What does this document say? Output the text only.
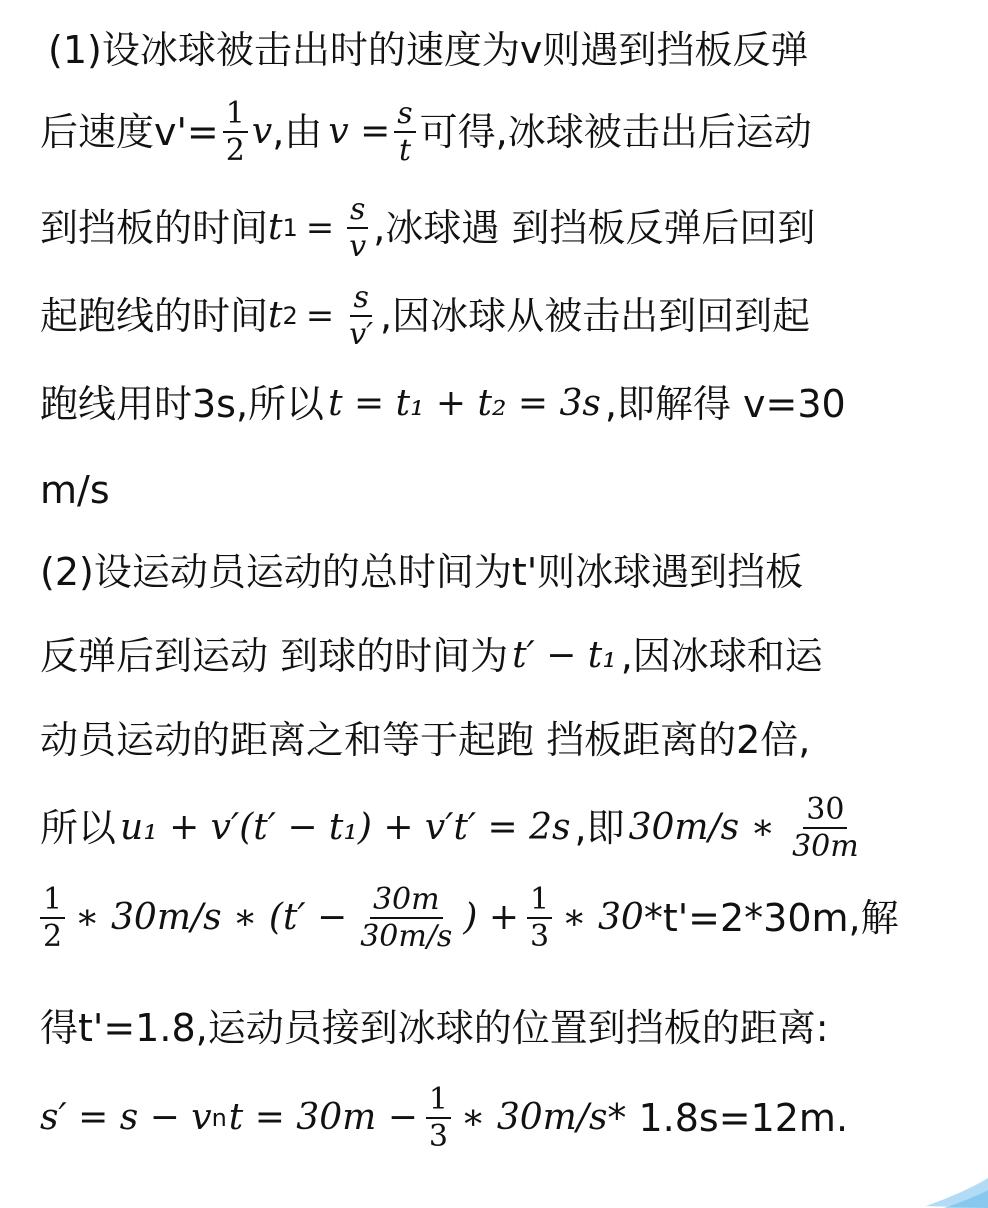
(1)设冰球被击出时的速度为v则遇到挡板反弹
后速度$v'= \frac{1}{2}$ v ,由 $v = \frac{s}{t}$ 可得,冰球被击出后运动
到挡板的时间 t $1 = \frac{s}{v}$ ,冰球遇 到挡板反弹后回到
起跑线的时间 t $2 = \frac{s}{v'}$ ,因冰球从被击出到回到起
跑线用时3s,所以 t = t₁ + t₂ = 3s ,即解得 v=30
m/s
(2)设运动员运动的总时间为t'则冰球遇到挡板
反弹后到运动 到球的时间为 t′ − t₁ ,因冰球和运
动员运动的距离之和等于起跑 挡板距离的2倍,
所以 u₁ + v′(t′ − t₁) + v′t′ = 2s ,即 30m/s ∗ $\frac{30}{30m}$
$\frac{1}{2}$ ∗ 30m/s ∗ ($t' - \frac{30m}{30m/s}$ ) + $\frac{1}{3}$ ∗ 30 *t'=2*30m,解
得t'=1.8,运动员接到冰球的位置到挡板的距离:
s′ = s − v n $t = 30m - \frac{1}{3}$ ∗ 30m/s * 1.8s=12m.
